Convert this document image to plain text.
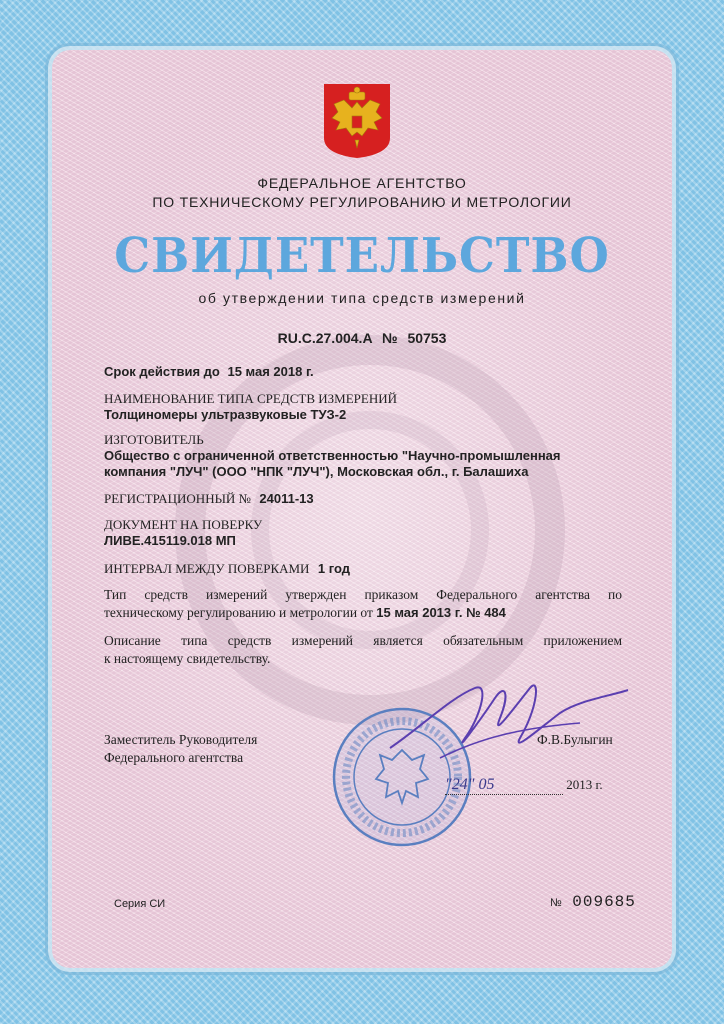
ФЕДЕРАЛЬНОЕ АГЕНТСТВО
ПО ТЕХНИЧЕСКОМУ РЕГУЛИРОВАНИЮ И МЕТРОЛОГИИ
СВИДЕТЕЛЬСТВО
об утверждении типа средств измерений
RU.C.27.004.A № 50753
Срок действия до 15 мая 2018 г.
НАИМЕНОВАНИЕ ТИПА СРЕДСТВ ИЗМЕРЕНИЙ
Толщиномеры ультразвуковые ТУЗ-2
ИЗГОТОВИТЕЛЬ
Общество с ограниченной ответственностью "Научно-промышленная
компания "ЛУЧ" (ООО "НПК "ЛУЧ"), Московская обл., г. Балашиха
РЕГИСТРАЦИОННЫЙ № 24011-13
ДОКУМЕНТ НА ПОВЕРКУ
ЛИВЕ.415119.018 МП
ИНТЕРВАЛ МЕЖДУ ПОВЕРКАМИ 1 год
Тип средств измерений утвержден приказом Федерального агентства по
техническому регулированию и метрологии от 15 мая 2013 г. № 484
Описание типа средств измерений является обязательным приложением
к настоящему свидетельству.
Заместитель Руководителя
Федерального агентства
Ф.В.Булыгин
"24" 05	2013 г.
Серия СИ	№ 009685
